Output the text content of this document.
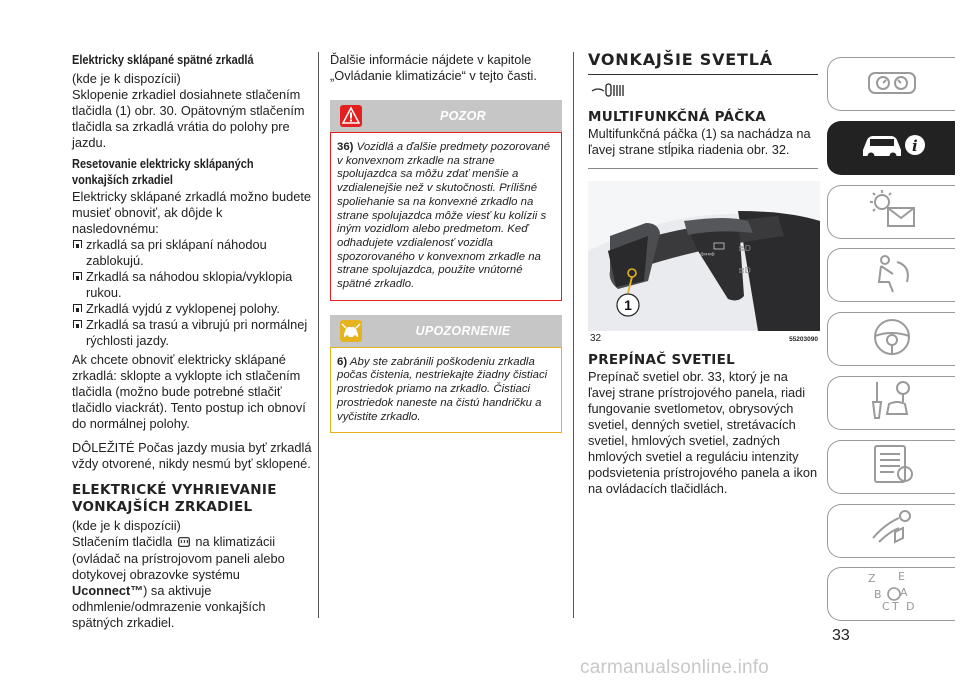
Elektricky sklápané spätné zrkadlá

(kde je k dispozícii)

Sklopenie zrkadiel dosiahnete stlačením tlačidla (1) obr. 30. Opätovným stlačením tlačidla sa zrkadlá vrátia do polohy pre jazdu.

Resetovanie elektricky sklápaných vonkajších zrkadiel

Elektricky sklápané zrkadlá možno budete musieť obnoviť, ak dôjde k nasledovnému:

zrkadlá sa pri sklápaní náhodou zablokujú.
Zrkadlá sa náhodou sklopia/vyklopia rukou.
Zrkadlá vyjdú z vyklopenej polohy.
Zrkadlá sa trasú a vibrujú pri normálnej rýchlosti jazdy.

Ak chcete obnoviť elektricky sklápané zrkadlá: sklopte a vyklopte ich stlačením tlačidla (možno bude potrebné stlačiť tlačidlo viackrát). Tento postup ich obnoví do normálnej polohy.

DÔLEŽITÉ Počas jazdy musia byť zrkadlá vždy otvorené, nikdy nesmú byť sklopené.

ELEKTRICKÉ VYHRIEVANIE VONKAJŠÍCH ZRKADIEL

(kde je k dispozícii)

Stlačením tlačidla na klimatizácii (ovládač na prístrojovom paneli alebo dotykovej obrazovke systému Uconnect™) sa aktivuje odhmlenie/odmrazenie vonkajších spätných zrkadiel.

Ďalšie informácie nájdete v kapitole „Ovládanie klimatizácie“ v tejto časti.

POZOR
36) Vozidlá a ďalšie predmety pozorované v konvexnom zrkadle na strane spolujazdca sa môžu zdať menšie a vzdialenejšie než v skutočnosti. Prílišné spoliehanie sa na konvexné zrkadlo na strane spolujazdca môže viesť ku kolízii s iným vozidlom alebo predmetom. Keď odhadujete vzdialenosť vozidla spozorovaného v konvexnom zrkadle na strane spolujazdca, použite vnútorné spätné zrkadlo.
UPOZORNENIE
6) Aby ste zabránili poškodeniu zrkadla počas čistenia, nestriekajte žiadny čistiaci prostriedok priamo na zrkadlo. Čistiaci prostriedok naneste na čistú handričku a vyčistite zrkadlo.
VONKAJŠIE SVETLÁ
MULTIFUNKČNÁ PÁČKA

Multifunkčná páčka (1) sa nachádza na ľavej strane stĺpika riadenia obr. 32.

⇦⇨
≣D
≣D
1
32	55203090
PREPÍNAČ SVETIEL

Prepínač svetiel obr. 33, ktorý je na ľavej strane prístrojového panela, riadi fungovanie svetlometov, obrysových svetiel, denných svetiel, stretávacích svetiel, hmlových svetiel, zadných hmlových svetiel a reguláciu intenzity podsvietenia prístrojového panela a ikon na ovládacích tlačidlách.

i
Z E
B A
C T D
33
carmanualsonline.info
